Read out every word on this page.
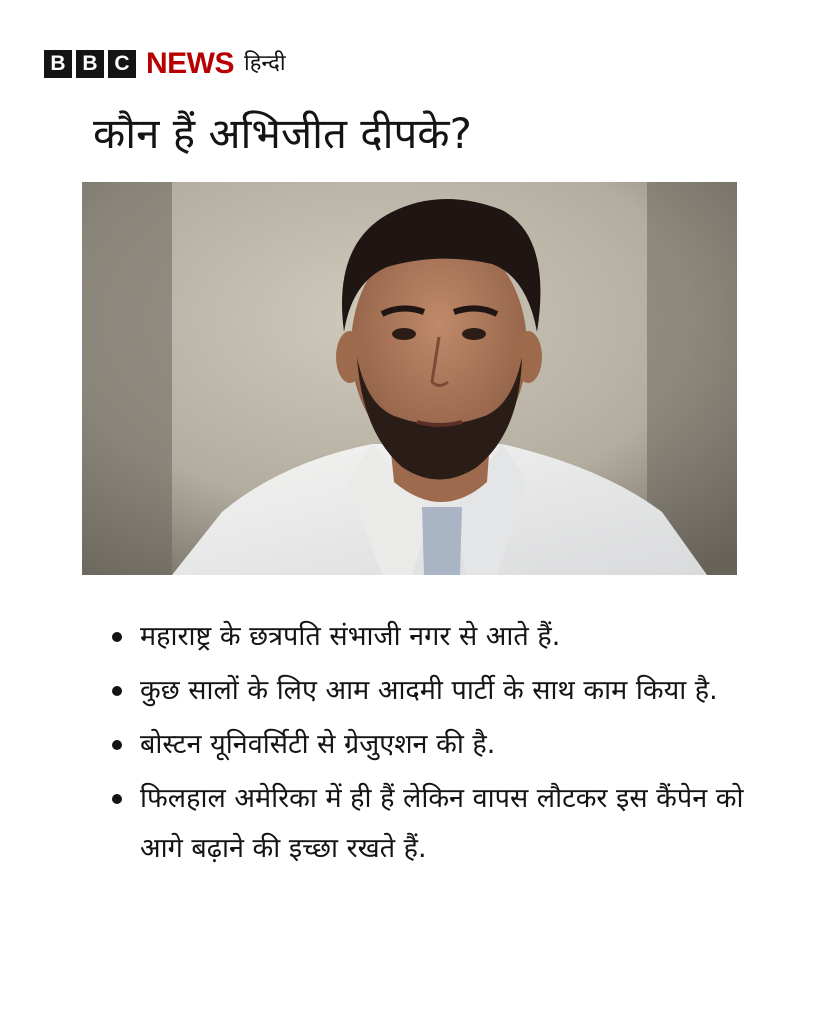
B B C NEWS हिन्दी
कौन हैं अभिजीत दीपके?
महाराष्ट्र के छत्रपति संभाजी नगर से आते हैं.
कुछ सालों के लिए आम आदमी पार्टी के साथ काम किया है.
बोस्टन यूनिवर्सिटी से ग्रेजुएशन की है.
फिलहाल अमेरिका में ही हैं लेकिन वापस लौटकर इस कैंपेन को आगे बढ़ाने की इच्छा रखते हैं.
